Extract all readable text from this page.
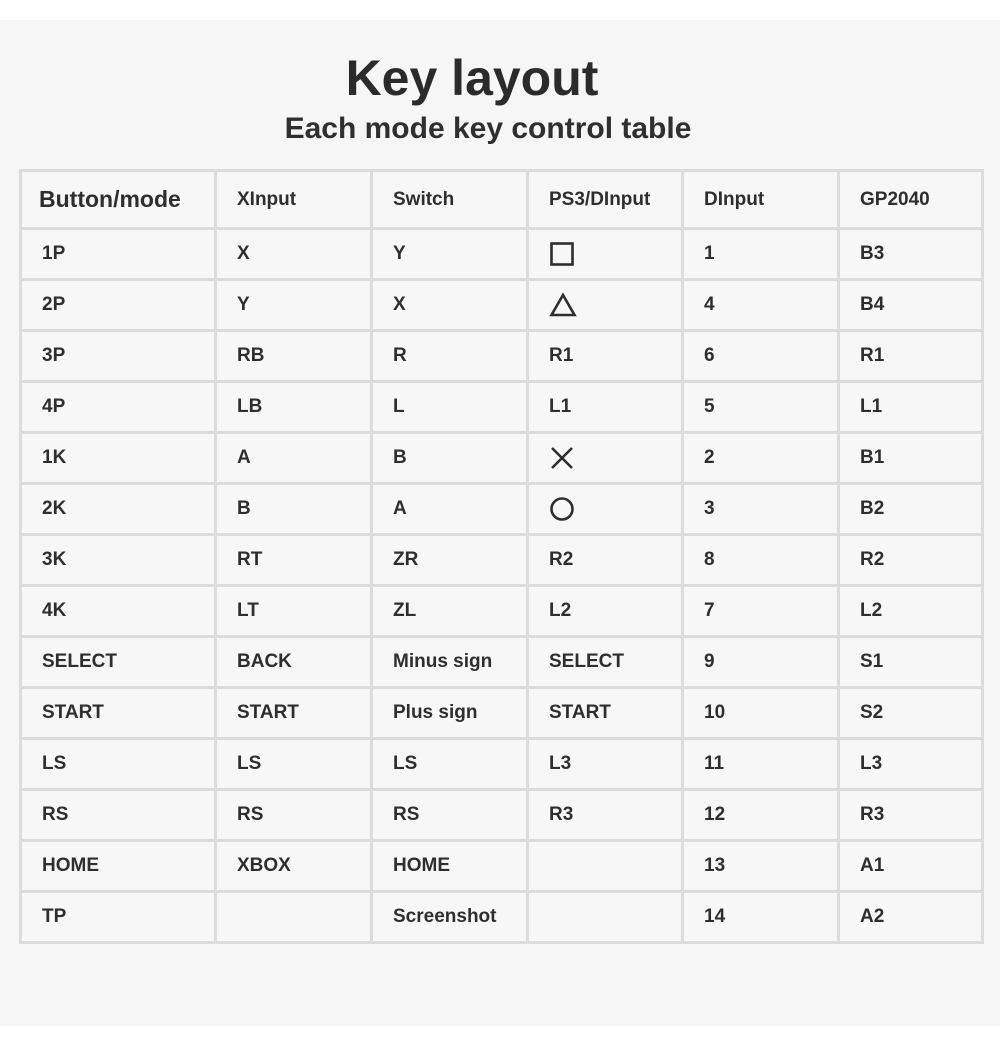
Key layout
Each mode key control table
Button/mode	XInput	Switch	PS3/DInput	DInput	GP2040
1P	X	Y		1	B3
2P	Y	X		4	B4
3P	RB	R	R1	6	R1
4P	LB	L	L1	5	L1
1K	A	B		2	B1
2K	B	A		3	B2
3K	RT	ZR	R2	8	R2
4K	LT	ZL	L2	7	L2
SELECT	BACK	Minus sign	SELECT	9	S1
START	START	Plus sign	START	10	S2
LS	LS	LS	L3	11	L3
RS	RS	RS	R3	12	R3
HOME	XBOX	HOME		13	A1
TP		Screenshot		14	A2
